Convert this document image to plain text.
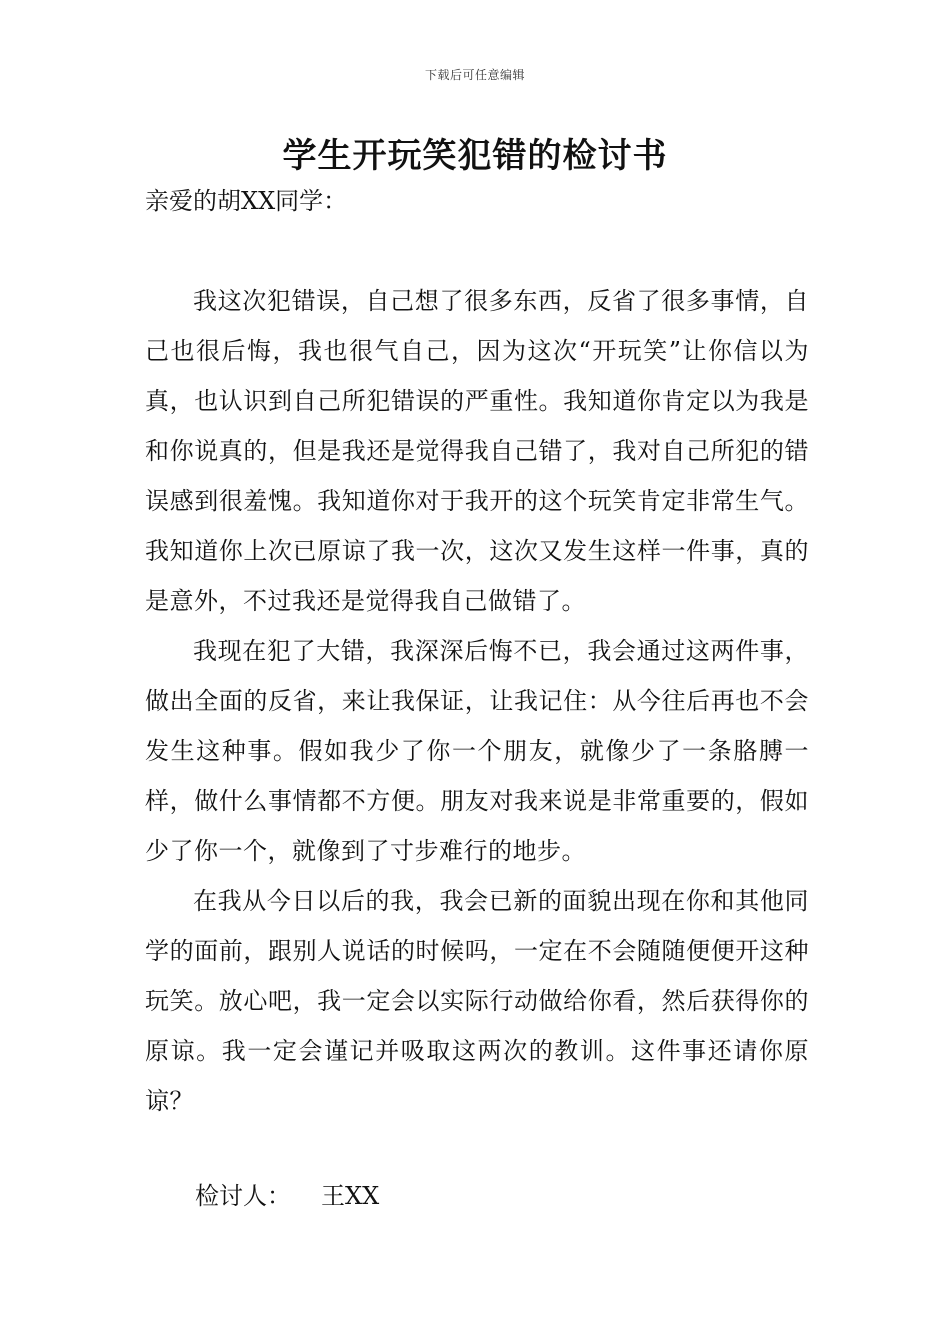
下载后可任意编辑
学生开玩笑犯错的检讨书
亲爱的胡XX同学：

我这次犯错误，自己想了很多东西，反省了很多事情，自己也很后悔，我也很气自己，因为这次“开玩笑”让你信以为真，也认识到自己所犯错误的严重性。我知道你肯定以为我是和你说真的，但是我还是觉得我自己错了，我对自己所犯的错误感到很羞愧。我知道你对于我开的这个玩笑肯定非常生气。我知道你上次已原谅了我一次，这次又发生这样一件事，真的是意外，不过我还是觉得我自己做错了。

我现在犯了大错，我深深后悔不已，我会通过这两件事，做出全面的反省，来让我保证，让我记住：从今往后再也不会发生这种事。假如我少了你一个朋友，就像少了一条胳膊一样，做什么事情都不方便。朋友对我来说是非常重要的，假如少了你一个，就像到了寸步难行的地步。

在我从今日以后的我，我会已新的面貌出现在你和其他同学的面前，跟别人说话的时候吗，一定在不会随随便便开这种玩笑。放心吧，我一定会以实际行动做给你看，然后获得你的原谅。我一定会谨记并吸取这两次的教训。这件事还请你原谅？

检讨人： 王XX
